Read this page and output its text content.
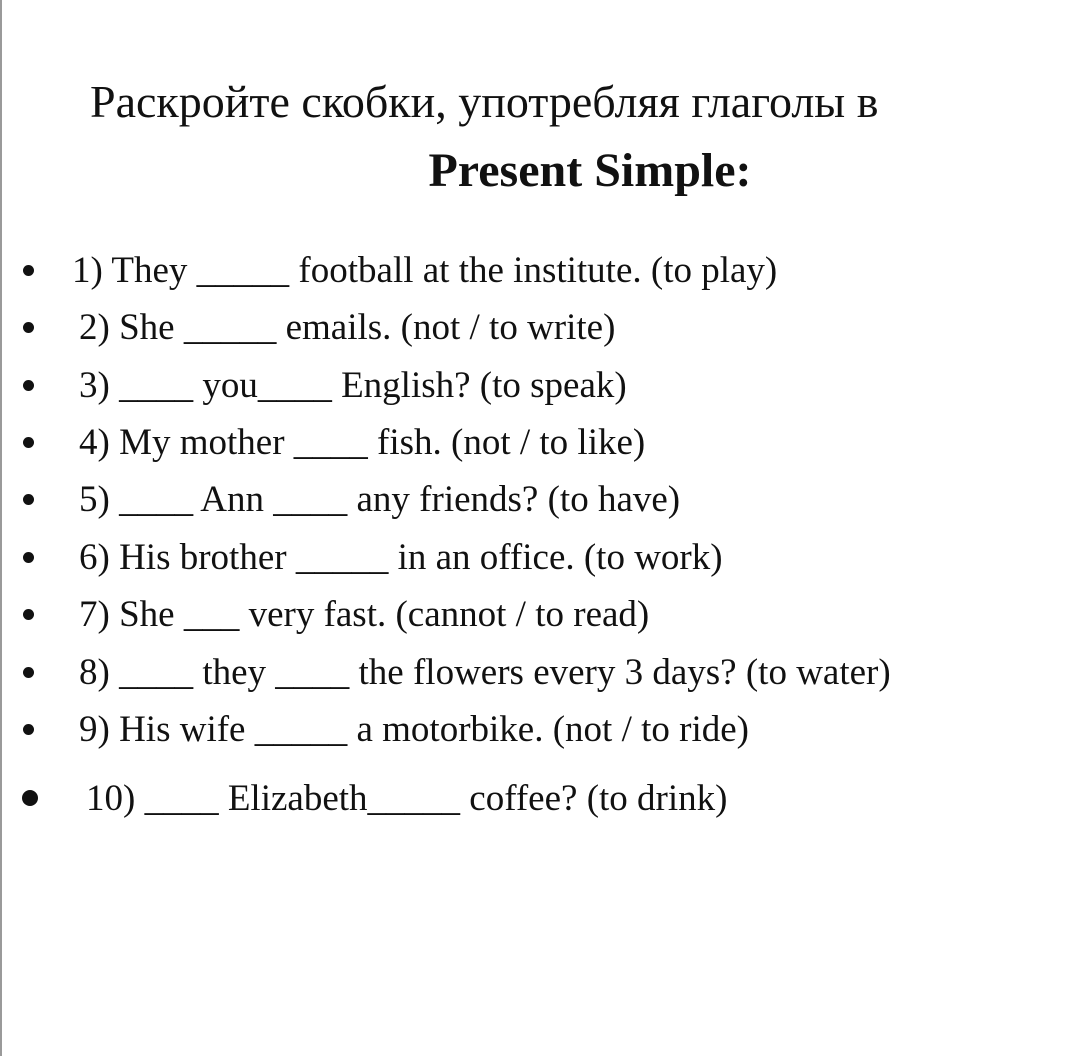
Раскройте скобки, употребляя глаголы в
Present Simple:
1) They _____ football at the institute. (to play)
2) She _____ emails. (not / to write)
3) ____ you____ English? (to speak)
4) My mother ____ fish. (not / to like)
5) ____ Ann ____ any friends? (to have)
6) His brother _____ in an office. (to work)
7) She ___ very fast. (cannot / to read)
8) ____ they ____ the flowers every 3 days? (to water)
9) His wife _____ a motorbike. (not / to ride)
10) ____ Elizabeth_____ coffee? (to drink)
